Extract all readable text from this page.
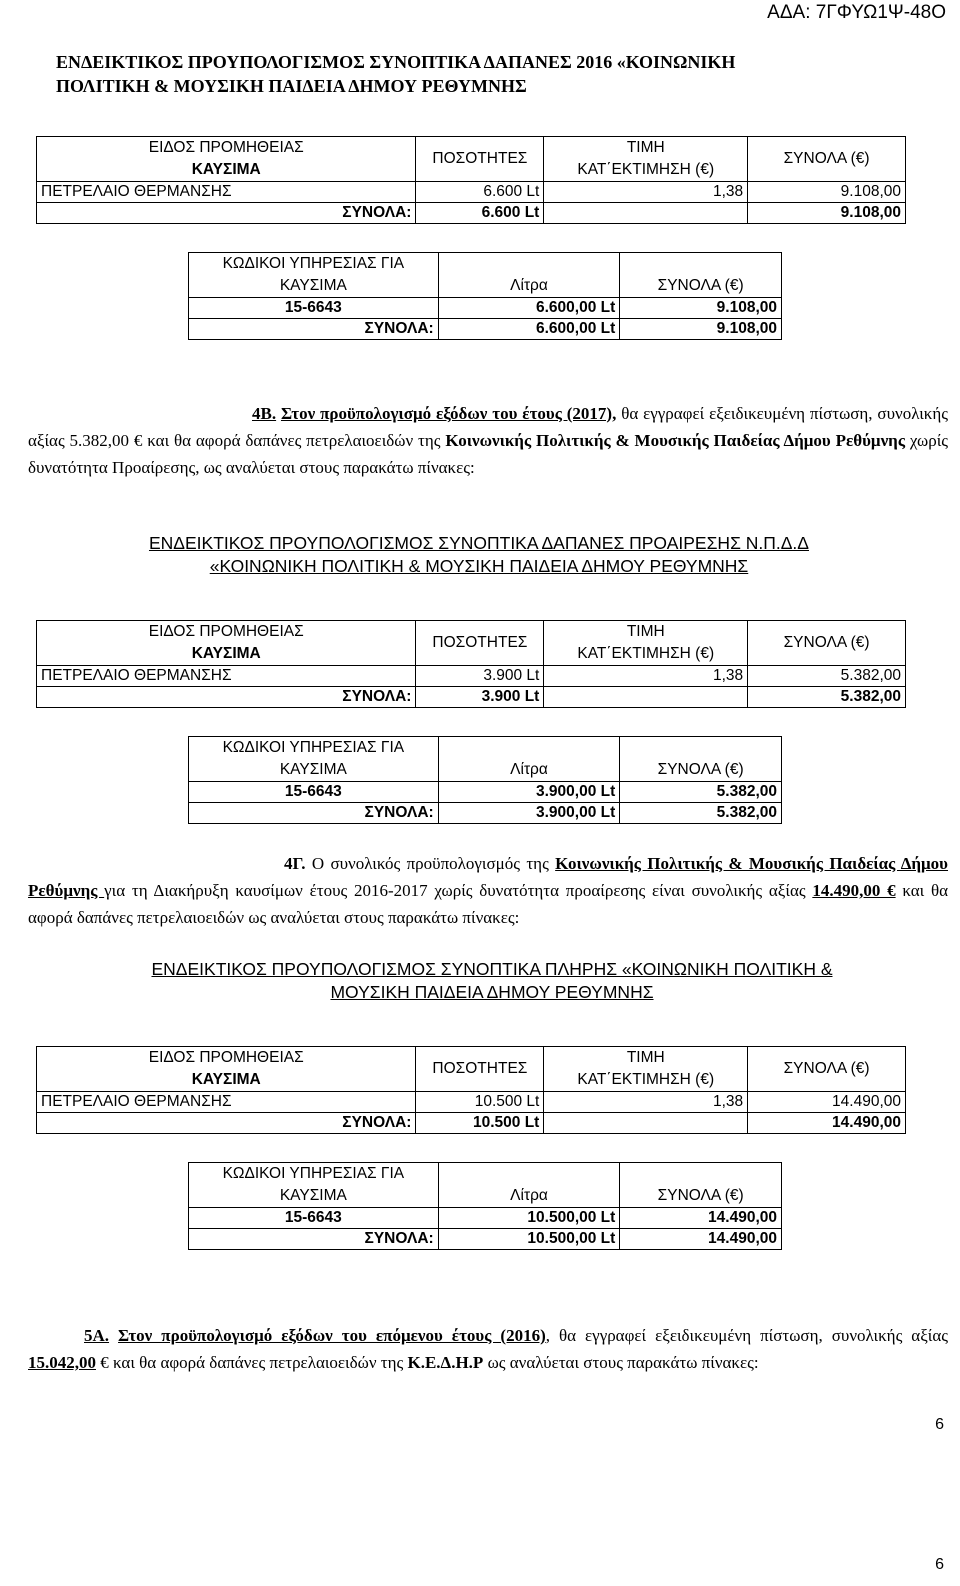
ΑΔΑ: 7ΓΦΥΩ1Ψ-48Ο

ΕΝΔΕΙΚΤΙΚΟΣ ΠΡΟΥΠΟΛΟΓΙΣΜΟΣ ΣΥΝΟΠΤΙΚΑ ΔΑΠΑΝΕΣ 2016 «ΚΟΙΝΩΝΙΚΗ

ΠΟΛΙΤΙΚΗ & ΜΟΥΣΙΚΗ ΠΑΙΔΕΙΑ ΔΗΜΟΥ ΡΕΘΥΜΝΗΣ

ΕΙΔΟΣ ΠΡΟΜΗΘΕΙΑΣ	ΠΟΣΟΤΗΤΕΣ	ΤΙΜΗ	ΣΥΝΟΛΑ (€)
ΚΑΥΣΙΜΑ		ΚΑΤ΄ΕΚΤΙΜΗΣΗ (€)	
ΠΕΤΡΕΛΑΙΟ ΘΕΡΜΑΝΣΗΣ	6.600 Lt	1,38	9.108,00
ΣΥΝΟΛΑ:	6.600 Lt		9.108,00
ΚΩΔΙΚΟΙ ΥΠΗΡΕΣΙΑΣ ΓΙΑ		
ΚΑΥΣΙΜΑ	Λίτρα	ΣΥΝΟΛΑ (€)
15-6643	6.600,00 Lt	9.108,00
ΣΥΝΟΛΑ:	6.600,00 Lt	9.108,00

4Β. Στον προϋπολογισμό εξόδων του έτους (2017), θα εγγραφεί εξειδικευμένη πίστωση, συνολικής αξίας 5.382,00 € και θα αφορά δαπάνες πετρελαιοειδών της Κοινωνικής Πολιτικής & Μουσικής Παιδείας Δήμου Ρεθύμνης χωρίς δυνατότητα Προαίρεσης, ως αναλύεται στους παρακάτω πίνακες:

ΕΝΔΕΙΚΤΙΚΟΣ ΠΡΟΥΠΟΛΟΓΙΣΜΟΣ ΣΥΝΟΠΤΙΚΑ ΔΑΠΑΝΕΣ ΠΡΟΑΙΡΕΣΗΣ Ν.Π.Δ.Δ

«ΚΟΙΝΩΝΙΚΗ ΠΟΛΙΤΙΚΗ & ΜΟΥΣΙΚΗ ΠΑΙΔΕΙΑ ΔΗΜΟΥ ΡΕΘΥΜΝΗΣ

ΕΙΔΟΣ ΠΡΟΜΗΘΕΙΑΣ	ΠΟΣΟΤΗΤΕΣ	ΤΙΜΗ	ΣΥΝΟΛΑ (€)
ΚΑΥΣΙΜΑ		ΚΑΤ΄ΕΚΤΙΜΗΣΗ (€)	
ΠΕΤΡΕΛΑΙΟ ΘΕΡΜΑΝΣΗΣ	3.900 Lt	1,38	5.382,00
ΣΥΝΟΛΑ:	3.900 Lt		5.382,00
ΚΩΔΙΚΟΙ ΥΠΗΡΕΣΙΑΣ ΓΙΑ		
ΚΑΥΣΙΜΑ	Λίτρα	ΣΥΝΟΛΑ (€)
15-6643	3.900,00 Lt	5.382,00
ΣΥΝΟΛΑ:	3.900,00 Lt	5.382,00

4Γ. Ο συνολικός προϋπολογισμός της Κοινωνικής Πολιτικής & Μουσικής Παιδείας Δήμου Ρεθύμνης για τη Διακήρυξη καυσίμων έτους 2016-2017 χωρίς δυνατότητα προαίρεσης είναι συνολικής αξίας 14.490,00 € και θα αφορά δαπάνες πετρελαιοειδών ως αναλύεται στους παρακάτω πίνακες:

ΕΝΔΕΙΚΤΙΚΟΣ ΠΡΟΥΠΟΛΟΓΙΣΜΟΣ ΣΥΝΟΠΤΙΚΑ ΠΛΗΡΗΣ «ΚΟΙΝΩΝΙΚΗ ΠΟΛΙΤΙΚΗ &

ΜΟΥΣΙΚΗ ΠΑΙΔΕΙΑ ΔΗΜΟΥ ΡΕΘΥΜΝΗΣ

ΕΙΔΟΣ ΠΡΟΜΗΘΕΙΑΣ	ΠΟΣΟΤΗΤΕΣ	ΤΙΜΗ	ΣΥΝΟΛΑ (€)
ΚΑΥΣΙΜΑ		ΚΑΤ΄ΕΚΤΙΜΗΣΗ (€)	
ΠΕΤΡΕΛΑΙΟ ΘΕΡΜΑΝΣΗΣ	10.500 Lt	1,38	14.490,00
ΣΥΝΟΛΑ:	10.500 Lt		14.490,00
ΚΩΔΙΚΟΙ ΥΠΗΡΕΣΙΑΣ ΓΙΑ		
ΚΑΥΣΙΜΑ	Λίτρα	ΣΥΝΟΛΑ (€)
15-6643	10.500,00 Lt	14.490,00
ΣΥΝΟΛΑ:	10.500,00 Lt	14.490,00

5Α. Στον προϋπολογισμό εξόδων του επόμενου έτους (2016), θα εγγραφεί εξειδικευμένη πίστωση, συνολικής αξίας 15.042,00 € και θα αφορά δαπάνες πετρελαιοειδών της Κ.Ε.Δ.Η.Ρ ως αναλύεται στους παρακάτω πίνακες:

6
6
